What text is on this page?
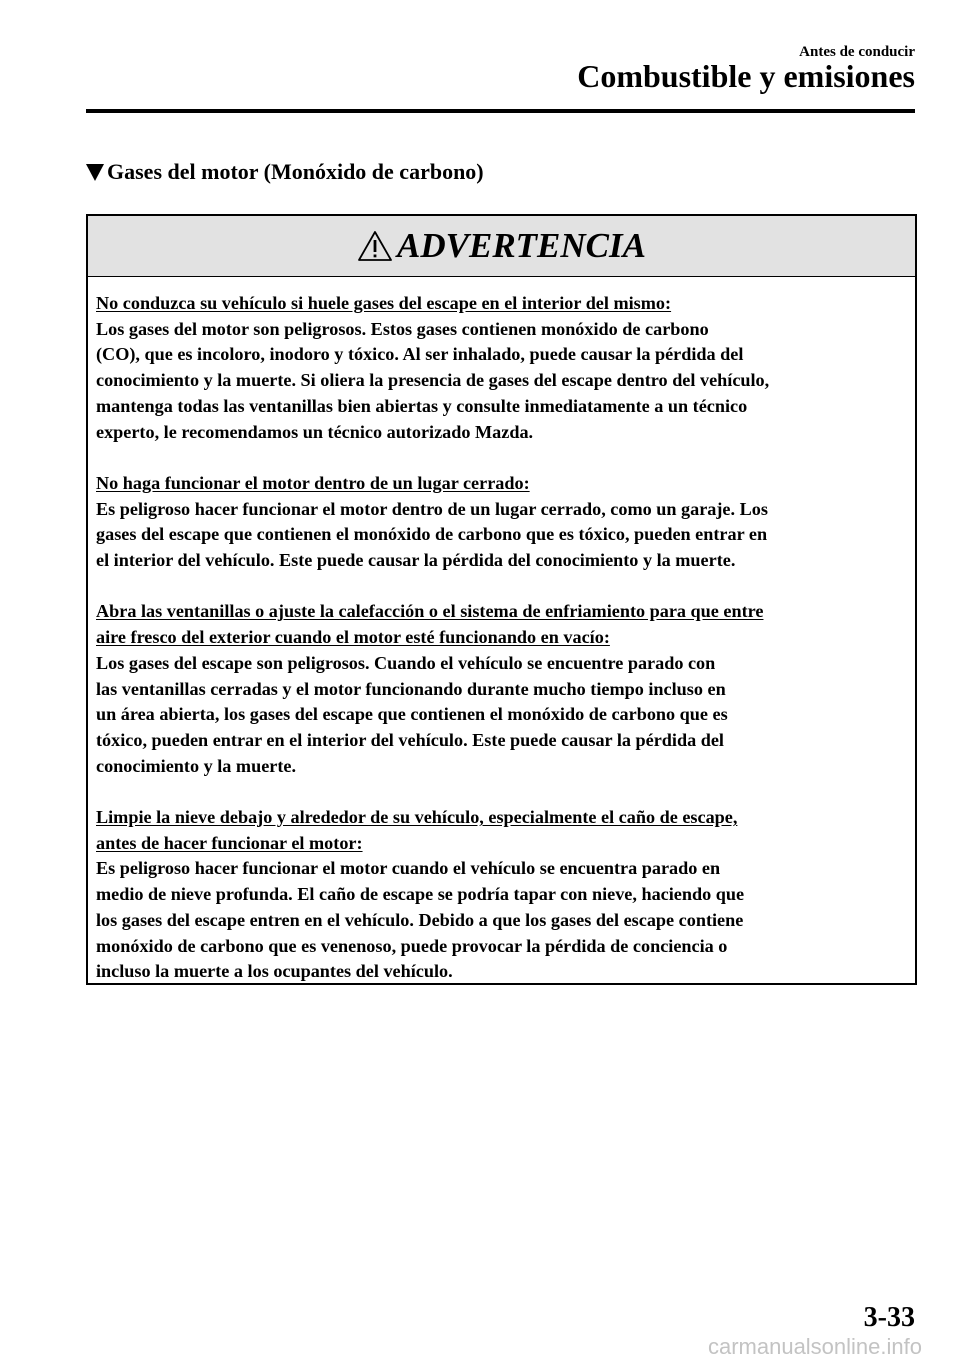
Antes de conducir
Combustible y emisiones
Gases del motor (Monóxido de carbono)
ADVERTENCIA
No conduzca su vehículo si huele gases del escape en el interior del mismo:
Los gases del motor son peligrosos. Estos gases contienen monóxido de carbono
(CO), que es incoloro, inodoro y tóxico. Al ser inhalado, puede causar la pérdida del
conocimiento y la muerte. Si oliera la presencia de gases del escape dentro del vehículo,
mantenga todas las ventanillas bien abiertas y consulte inmediatamente a un técnico
experto, le recomendamos un técnico autorizado Mazda.
No haga funcionar el motor dentro de un lugar cerrado:
Es peligroso hacer funcionar el motor dentro de un lugar cerrado, como un garaje. Los
gases del escape que contienen el monóxido de carbono que es tóxico, pueden entrar en
el interior del vehículo. Este puede causar la pérdida del conocimiento y la muerte.
Abra las ventanillas o ajuste la calefacción o el sistema de enfriamiento para que entre
aire fresco del exterior cuando el motor esté funcionando en vacío:
Los gases del escape son peligrosos. Cuando el vehículo se encuentre parado con
las ventanillas cerradas y el motor funcionando durante mucho tiempo incluso en
un área abierta, los gases del escape que contienen el monóxido de carbono que es
tóxico, pueden entrar en el interior del vehículo. Este puede causar la pérdida del
conocimiento y la muerte.
Limpie la nieve debajo y alrededor de su vehículo, especialmente el caño de escape,
antes de hacer funcionar el motor:
Es peligroso hacer funcionar el motor cuando el vehículo se encuentra parado en
medio de nieve profunda. El caño de escape se podría tapar con nieve, haciendo que
los gases del escape entren en el vehículo. Debido a que los gases del escape contiene
monóxido de carbono que es venenoso, puede provocar la pérdida de conciencia o
incluso la muerte a los ocupantes del vehículo.
3-33
carmanualsonline.info
